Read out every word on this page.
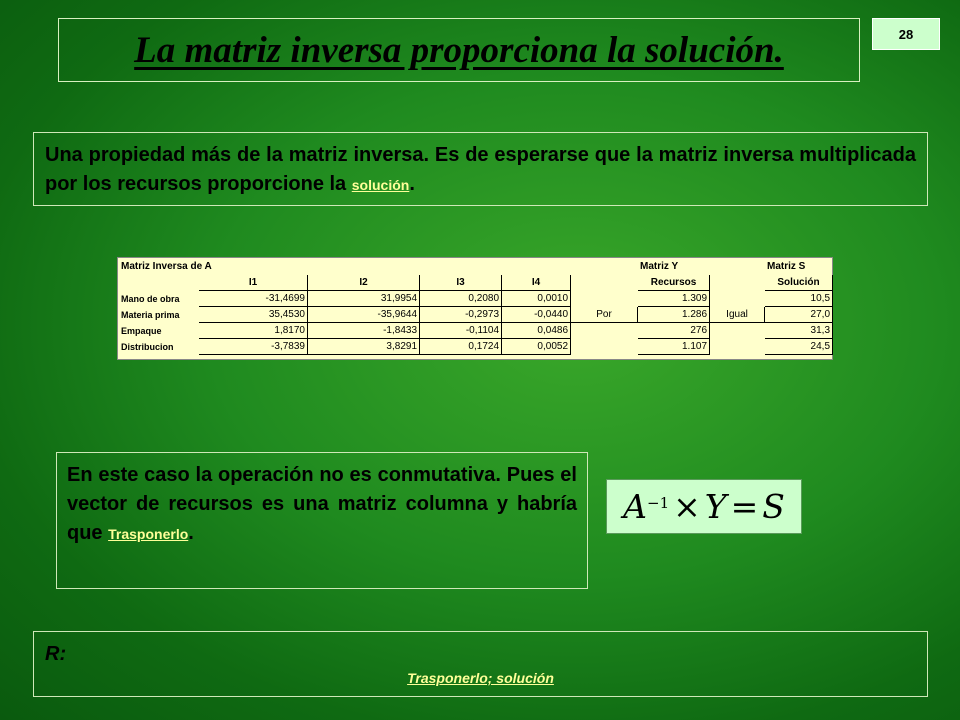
La matriz inversa proporciona la solución.	28
Una propiedad más de la matriz inversa. Es de esperarse que la matriz inversa multiplicada por los recursos proporcione la solución.
Matriz Inversa de A						Matriz Y		Matriz S
	I1	I2	I3	I4		Recursos		Solución
Mano de obra	-31,4699	31,9954	0,2080	0,0010		1.309		10,5
Materia prima	35,4530	-35,9644	-0,2973	-0,0440	Por	1.286	Igual	27,0
Empaque	1,8170	-1,8433	-0,1104	0,0486		276		31,3
Distribucion	-3,7839	3,8291	0,1724	0,0052		1.107		24,5
En este caso la operación no es conmutativa. Pues el vector de recursos es una matriz columna y habría que Trasponerlo.
$A^{-1} \times Y = S$
R:
Trasponerlo; solución
